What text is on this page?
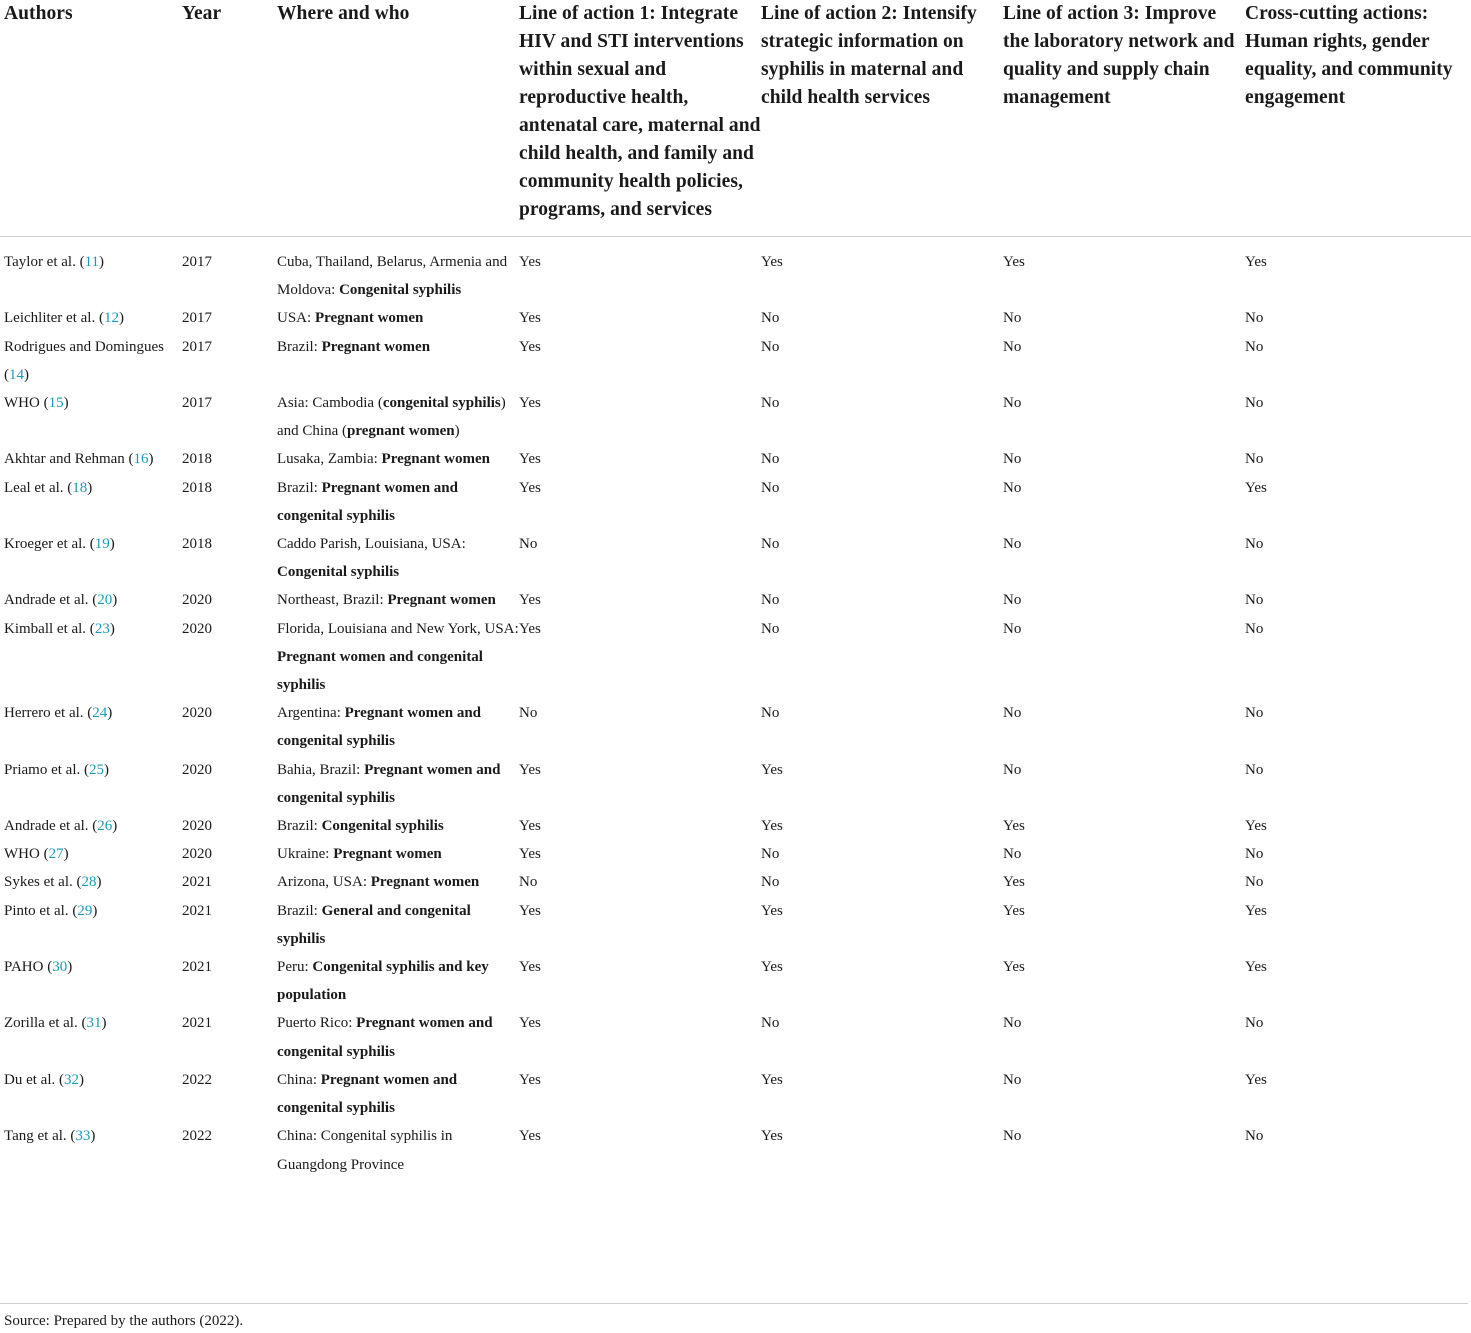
Authors	Year	Where and who	Line of action 1: Integrate HIV and STI interventions within sexual and reproductive health, antenatal care, maternal and child health, and family and community health policies, programs, and services	Line of action 2: Intensify strategic information on syphilis in maternal and child health services	Line of action 3: Improve the laboratory network and quality and supply chain management	Cross-cutting actions: Human rights, gender equality, and community engagement
Taylor et al. (11)	2017	Cuba, Thailand, Belarus, Armenia and Moldova: Congenital syphilis	Yes	Yes	Yes	Yes
Leichliter et al. (12)	2017	USA: Pregnant women	Yes	No	No	No
Rodrigues and Domingues (14)	2017	Brazil: Pregnant women	Yes	No	No	No
WHO (15)	2017	Asia: Cambodia (congenital syphilis) and China (pregnant women)	Yes	No	No	No
Akhtar and Rehman (16)	2018	Lusaka, Zambia: Pregnant women	Yes	No	No	No
Leal et al. (18)	2018	Brazil: Pregnant women and congenital syphilis	Yes	No	No	Yes
Kroeger et al. (19)	2018	Caddo Parish, Louisiana, USA: Congenital syphilis	No	No	No	No
Andrade et al. (20)	2020	Northeast, Brazil: Pregnant women	Yes	No	No	No
Kimball et al. (23)	2020	Florida, Louisiana and New York, USA: Pregnant women and congenital syphilis	Yes	No	No	No
Herrero et al. (24)	2020	Argentina: Pregnant women and congenital syphilis	No	No	No	No
Priamo et al. (25)	2020	Bahia, Brazil: Pregnant women and congenital syphilis	Yes	Yes	No	No
Andrade et al. (26)	2020	Brazil: Congenital syphilis	Yes	Yes	Yes	Yes
WHO (27)	2020	Ukraine: Pregnant women	Yes	No	No	No
Sykes et al. (28)	2021	Arizona, USA: Pregnant women	No	No	Yes	No
Pinto et al. (29)	2021	Brazil: General and congenital syphilis	Yes	Yes	Yes	Yes
PAHO (30)	2021	Peru: Congenital syphilis and key population	Yes	Yes	Yes	Yes
Zorilla et al. (31)	2021	Puerto Rico: Pregnant women and congenital syphilis	Yes	No	No	No
Du et al. (32)	2022	China: Pregnant women and congenital syphilis	Yes	Yes	No	Yes
Tang et al. (33)	2022	China: Congenital syphilis in Guangdong Province	Yes	Yes	No	No
Source: Prepared by the authors (2022).
